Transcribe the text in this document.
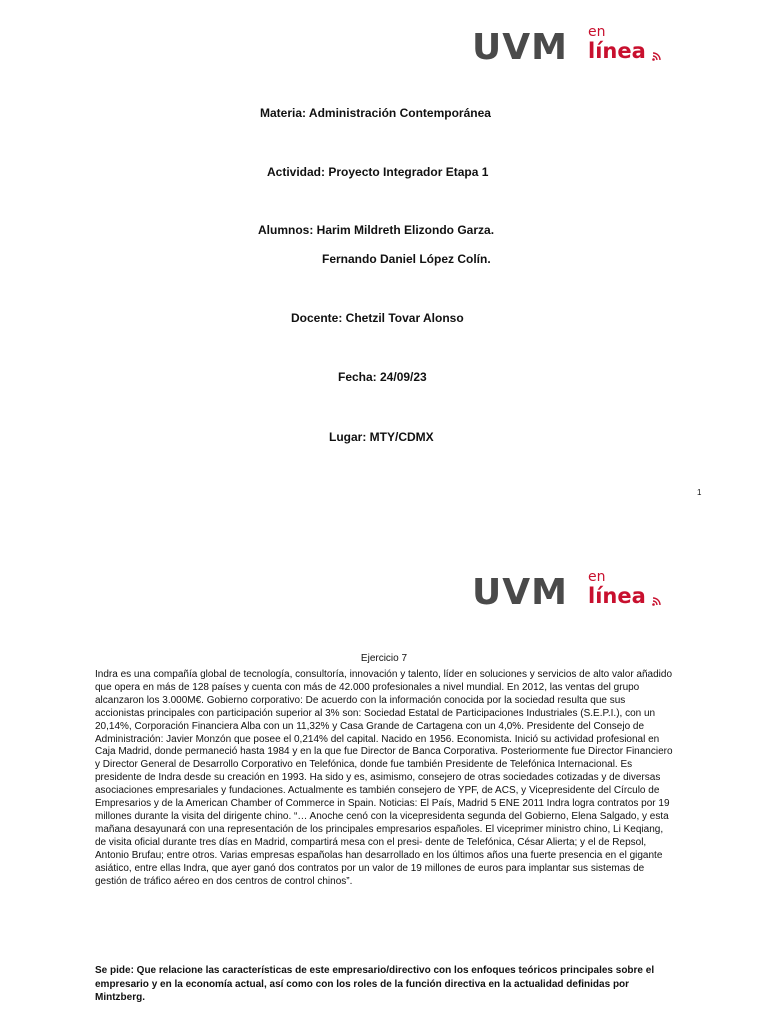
UVM en
línea
Materia: Administración Contemporánea
Actividad: Proyecto Integrador Etapa 1
Alumnos: Harim Mildreth Elizondo Garza.
Fernando Daniel López Colín.
Docente: Chetzil Tovar Alonso
Fecha: 24/09/23
Lugar: MTY/CDMX
1
UVM en
línea
Ejercicio 7
Indra es una compañía global de tecnología, consultoría, innovación y talento, líder en soluciones y servicios de alto valor añadido que opera en más de 128 países y cuenta con más de 42.000 profesionales a nivel mundial. En 2012, las ventas del grupo alcanzaron los 3.000M€. Gobierno corporativo: De acuerdo con la información conocida por la sociedad resulta que sus accionistas principales con participación superior al 3% son: Sociedad Estatal de Participaciones Industriales (S.E.P.I.), con un 20,14%, Corporación Financiera Alba con un 11,32% y Casa Grande de Cartagena con un 4,0%. Presidente del Consejo de Administración: Javier Monzón que posee el 0,214% del capital. Nacido en 1956. Economista. Inició su actividad profesional en Caja Madrid, donde permaneció hasta 1984 y en la que fue Director de Banca Corporativa. Posteriormente fue Director Financiero y Director General de Desarrollo Corporativo en Telefónica, donde fue también Presidente de Telefónica Internacional. Es presidente de Indra desde su creación en 1993. Ha sido y es, asimismo, consejero de otras sociedades cotizadas y de diversas asociaciones empresariales y fundaciones. Actualmente es también consejero de YPF, de ACS, y Vicepresidente del Círculo de Empresarios y de la American Chamber of Commerce in Spain. Noticias: El País, Madrid 5 ENE 2011 Indra logra contratos por 19 millones durante la visita del dirigente chino. “… Anoche cenó con la vicepresidenta segunda del Gobierno, Elena Salgado, y esta mañana desayunará con una representación de los principales empresarios españoles. El viceprimer ministro chino, Li Keqiang, de visita oficial durante tres días en Madrid, compartirá mesa con el presi- dente de Telefónica, César Alierta; y el de Repsol, Antonio Brufau; entre otros. Varias empresas españolas han desarrollado en los últimos años una fuerte presencia en el gigante asiático, entre ellas Indra, que ayer ganó dos contratos por un valor de 19 millones de euros para implantar sus sistemas de gestión de tráfico aéreo en dos centros de control chinos”.
Se pide: Que relacione las características de este empresario/directivo con los enfoques teóricos principales sobre el empresario y en la economía actual, así como con los roles de la función directiva en la actualidad definidas por Mintzberg.
